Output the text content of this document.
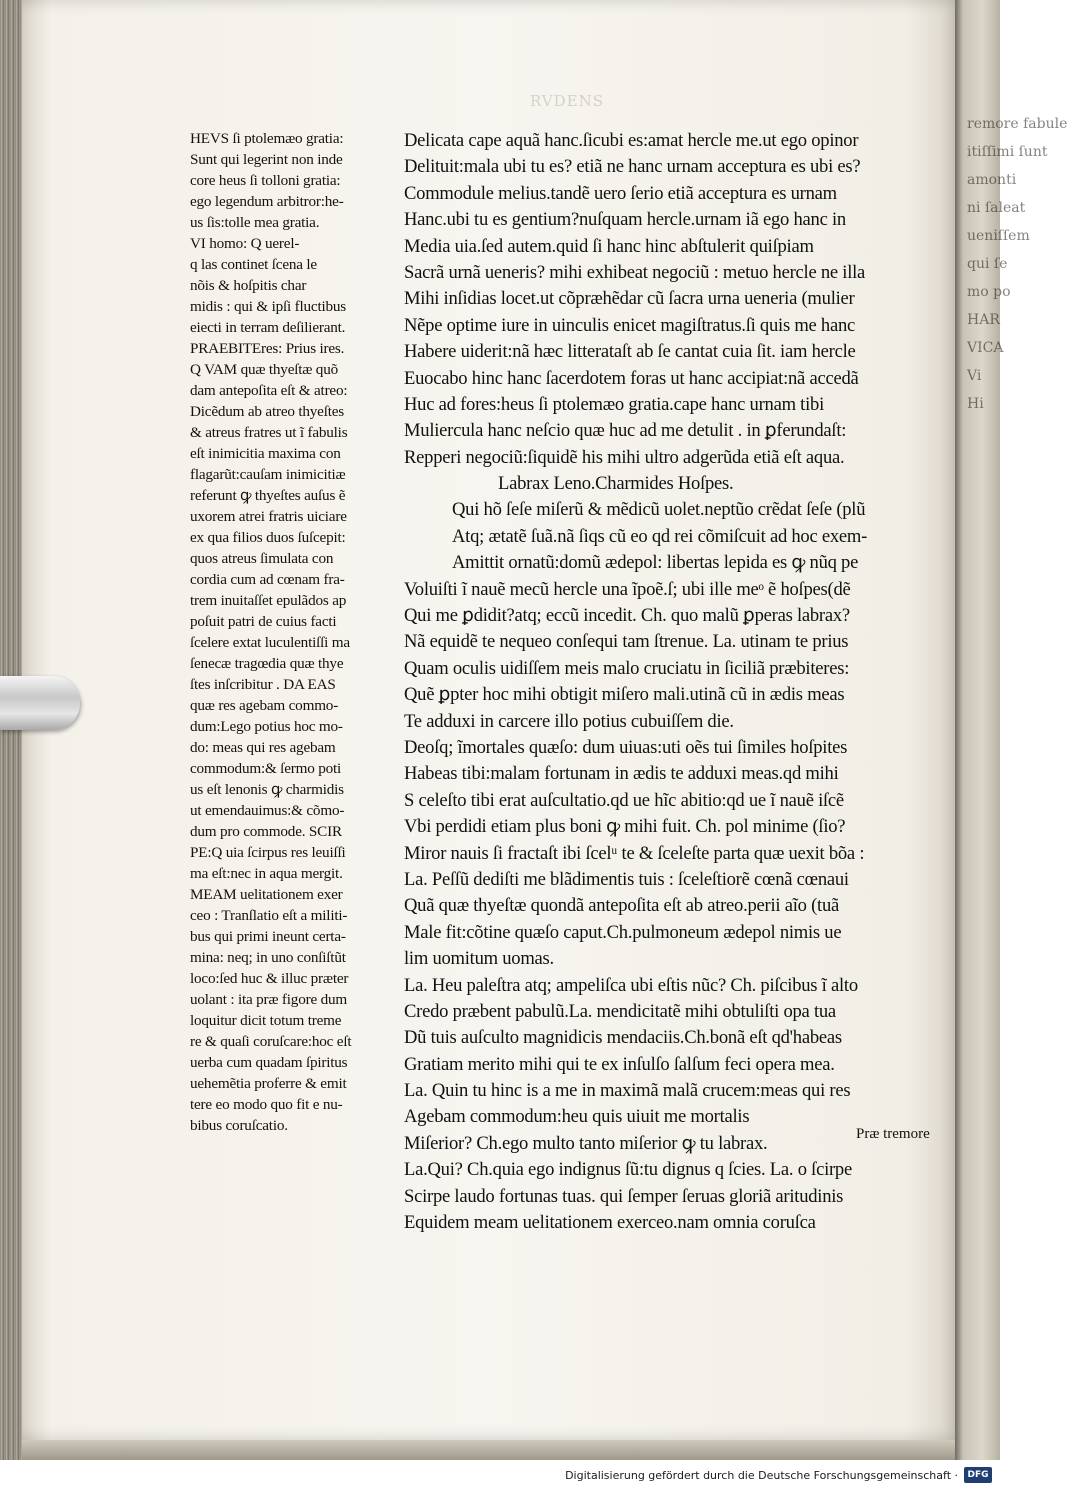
remore fabule
itiſſimi ſunt
amonti
ni ſaleat
ueniſſem
qui ſe
mo po
HAR
VICA
Vi
Hi
RVDENS
HEVS ſi ptolemæo gratia:
Sunt qui legerint non inde
core heus ſi tolloni gratia:
ego legendum arbitror:he-
us ſis:tolle mea gratia.
VI homo: Q uerel-
q las continet ſcena le
nõis & hoſpitis char
midis : qui & ipſi fluctibus
eiecti in terram deſilierant.
PRAEBITEres: Prius ires.
Q VAM quæ thyeſtæ quõ
dam antepoſita eſt & atreo:
Dicẽdum ab atreo thyeſtes
& atreus fratres ut ĩ fabulis
eſt inimicitia maxima con
flagarũt:cauſam inimicitiæ
referunt ꝙ thyeſtes auſus ẽ
uxorem atrei fratris uiciare
ex qua filios duos ſuſcepit:
quos atreus ſimulata con
cordia cum ad cœnam fra-
trem inuitaſſet epulãdos ap
poſuit patri de cuius facti
ſcelere extat luculentiſſi ma
ſenecæ tragœdia quæ thye
ſtes inſcribitur . DA EAS
quæ res agebam commo-
dum:Lego potius hoc mo-
do: meas qui res agebam
commodum:& ſermo poti
us eſt lenonis ꝙ charmidis
ut emendauimus:& cõmo-
dum pro commode. SCIR
PE:Q uia ſcirpus res leuiſſi
ma eſt:nec in aqua mergit.
MEAM uelitationem exer
ceo : Tranſlatio eſt a militi-
bus qui primi ineunt certa-
mina: neq; in uno conſiſtũt
loco:ſed huc & illuc præter
uolant : ita præ figore dum
loquitur dicit totum treme
re & quaſi coruſcare:hoc eſt
uerba cum quadam ſpiritus
uehemẽtia proferre & emit
tere eo modo quo fit e nu-
bibus coruſcatio.
Delicata cape aquã hanc.ſicubi es:amat hercle me.ut ego opinor
Delituit:mala ubi tu es? etiã ne hanc urnam acceptura es ubi es?
Commodule melius.tandẽ uero ſerio etiã acceptura es urnam
Hanc.ubi tu es gentium?nuſquam hercle.urnam iã ego hanc in
Media uia.ſed autem.quid ſi hanc hinc abſtulerit quiſpiam
Sacrã urnã ueneris? mihi exhibeat negociũ : metuo hercle ne illa
Mihi inſidias locet.ut cõpræhẽdar cũ ſacra urna ueneria (mulier
Nẽpe optime iure in uinculis enicet magiſtratus.ſi quis me hanc
Habere uiderit:nã hæc litterataſt ab ſe cantat cuia ſit. iam hercle
Euocabo hinc hanc ſacerdotem foras ut hanc accipiat:nã accedã
Huc ad fores:heus ſi ptolemæo gratia.cape hanc urnam tibi
Muliercula hanc neſcio quæ huc ad me detulit . in ꝑferundaſt:
Repperi negociũ:ſiquidẽ his mihi ultro adgerũda etiã eſt aqua.
Labrax Leno.Charmides Hoſpes.
Qui hõ ſeſe miſerũ & mẽdicũ uolet.neptũo crẽdat ſeſe (plũ
Atq; ætatẽ ſuã.nã ſiqs cũ eo qd rei cõmiſcuit ad hoc exem-
Amittit ornatũ:domũ ædepol: libertas lepida es ꝙ nũq pe
Voluiſti ĩ nauẽ mecũ hercle una ĩpoẽ.ſ; ubi ille meᵒ ẽ hoſpes(dẽ
Qui me ꝑdidit?atq; eccũ incedit. Ch. quo malũ ꝑperas labrax?
Nã equidẽ te nequeo conſequi tam ſtrenue. La. utinam te prius
Quam oculis uidiſſem meis malo cruciatu in ſiciliã præbiteres:
Quẽ ꝑpter hoc mihi obtigit miſero mali.utinã cũ in ædis meas
Te adduxi in carcere illo potius cubuiſſem die.
Deoſq; ĩmortales quæſo: dum uiuas:uti oẽs tui ſimiles hoſpites
Habeas tibi:malam fortunam in ædis te adduxi meas.qd mihi
S celeſto tibi erat auſcultatio.qd ue hĩc abitio:qd ue ĩ nauẽ iſcẽ
Vbi perdidi etiam plus boni ꝙ mihi fuit. Ch. pol minime (ſio?
Miror nauis ſi fractaſt ibi ſcelᵘ te & ſceleſte parta quæ uexit bõa :
La. Peſſũ dediſti me blãdimentis tuis : ſceleſtiorẽ cœnã cœnaui
Quã quæ thyeſtæ quondã antepoſita eſt ab atreo.perii aĩo (tuã
Male fit:cõtine quæſo caput.Ch.pulmoneum ædepol nimis ue
lim uomitum uomas.
La. Heu paleſtra atq; ampeliſca ubi eſtis nũc? Ch. piſcibus ĩ alto
Credo præbent pabulũ.La. mendicitatẽ mihi obtuliſti opa tua
Dũ tuis auſculto magnidicis mendaciis.Ch.bonã eſt qd'habeas
Gratiam merito mihi qui te ex inſulſo ſalſum feci opera mea.
La. Quin tu hinc is a me in maximã malã crucem:meas qui res
Agebam commodum:heu quis uiuit me mortalis
Miſerior? Ch.ego multo tanto miſerior ꝙ tu labrax.
La.Qui? Ch.quia ego indignus ſũ:tu dignus q ſcies. La. o ſcirpe
Scirpe laudo fortunas tuas. qui ſemper ſeruas gloriã aritudinis
Equidem meam uelitationem exerceo.nam omnia coruſca
Præ tremore
Digitalisierung gefördert durch die Deutsche Forschungsgemeinschaft ·	DFG
